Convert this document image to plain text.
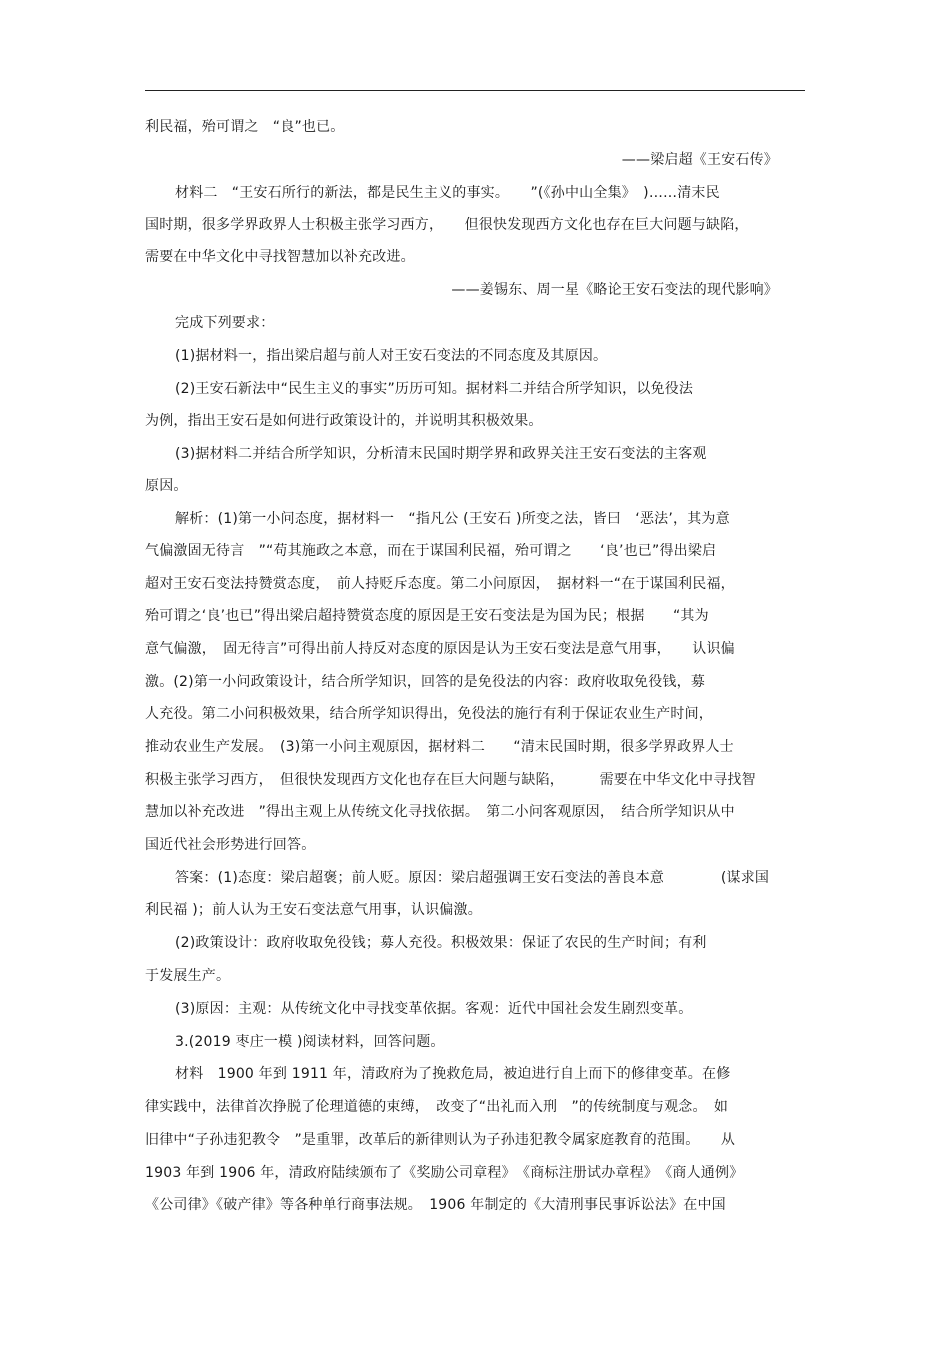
利民福，殆可谓之　“良”也已。
——梁启超《王安石传》
材料二　“王安石所行的新法，都是民生主义的事实。　　”(《孙中山全集》　)……清末民
国时期，很多学界政界人士积极主张学习西方，　　但很快发现西方文化也存在巨大问题与缺陷，
需要在中华文化中寻找智慧加以补充改进。
——姜锡东、周一星《略论王安石变法的现代影响》
完成下列要求：
(1)据材料一，指出梁启超与前人对王安石变法的不同态度及其原因。
(2)王安石新法中“民生主义的事实”历历可知。据材料二并结合所学知识，以免役法
为例，指出王安石是如何进行政策设计的，并说明其积极效果。
(3)据材料二并结合所学知识，分析清末民国时期学界和政界关注王安石变法的主客观
原因。
解析：(1)第一小问态度，据材料一　“指凡公 (王安石 )所变之法，皆曰　‘恶法’，其为意
气偏激固无待言　”“苟其施政之本意，而在于谋国利民福，殆可谓之　　‘良’也已”得出梁启
超对王安石变法持赞赏态度，　前人持贬斥态度。第二小问原因，　据材料一“在于谋国利民福，
殆可谓之‘良’也已”得出梁启超持赞赏态度的原因是王安石变法是为国为民；根据　　“其为
意气偏激，　固无待言”可得出前人持反对态度的原因是认为王安石变法是意气用事，　　认识偏
激。(2)第一小问政策设计，结合所学知识，回答的是免役法的内容：政府收取免役钱，募
人充役。第二小问积极效果，结合所学知识得出，免役法的施行有利于保证农业生产时间，
推动农业生产发展。　(3)第一小问主观原因，据材料二　　“清末民国时期，很多学界政界人士
积极主张学习西方，　但很快发现西方文化也存在巨大问题与缺陷，　　　需要在中华文化中寻找智
慧加以补充改进　”得出主观上从传统文化寻找依据。　第二小问客观原因，　结合所学知识从中
国近代社会形势进行回答。
答案：(1)态度：梁启超褒；前人贬。原因：梁启超强调王安石变法的善良本意　　　　(谋求国
利民福 )；前人认为王安石变法意气用事，认识偏激。
(2)政策设计：政府收取免役钱；募人充役。积极效果：保证了农民的生产时间；有利
于发展生产。
(3)原因：主观：从传统文化中寻找变革依据。客观：近代中国社会发生剧烈变革。
3.(2019 枣庄一模 )阅读材料，回答问题。
材料　1900 年到 1911 年，清政府为了挽救危局，被迫进行自上而下的修律变革。在修
律实践中，法律首次挣脱了伦理道德的束缚，　改变了“出礼而入刑　”的传统制度与观念。　如
旧律中“子孙违犯教令　”是重罪，改革后的新律则认为子孙违犯教令属家庭教育的范围。　　从
1903 年到 1906 年，清政府陆续颁布了《奖励公司章程》　《商标注册试办章程》　《商人通例》
《公司律》《破产律》等各种单行商事法规。　1906 年制定的《大清刑事民事诉讼法》在中国
